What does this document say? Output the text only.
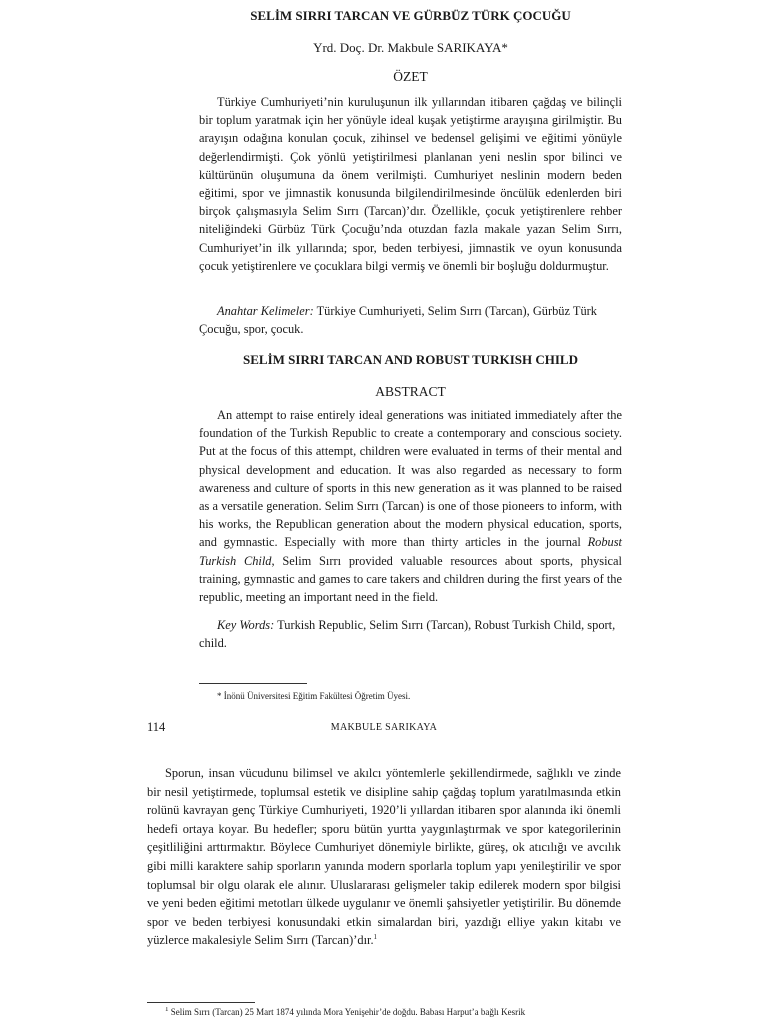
SELİM SIRRI TARCAN VE GÜRBÜZ TÜRK ÇOCUĞU
Yrd. Doç. Dr. Makbule SARIKAYA*
ÖZET

Türkiye Cumhuriyeti’nin kuruluşunun ilk yıllarından itibaren çağdaş ve bilinçli bir toplum yaratmak için her yönüyle ideal kuşak yetiştirme arayışına girilmiştir. Bu arayışın odağına konulan çocuk, zihinsel ve bedensel gelişimi ve eğitimi yönüyle değerlendirmişti. Çok yönlü yetiştirilmesi planlanan yeni neslin spor bilinci ve kültürünün oluşumuna da önem verilmişti. Cumhuriyet neslinin modern beden eğitimi, spor ve jimnastik konusunda bilgilendirilmesinde öncülük edenlerden biri birçok çalışmasıyla Selim Sırrı (Tarcan)’dır. Özellikle, çocuk yetiştirenlere rehber niteliğindeki Gürbüz Türk Çocuğu’nda otuzdan fazla makale yazan Selim Sırrı, Cumhuriyet’in ilk yıllarında; spor, beden terbiyesi, jimnastik ve oyun konusunda çocuk yetiştirenlere ve çocuklara bilgi vermiş ve önemli bir boşluğu doldurmuştur.

Anahtar Kelimeler: Türkiye Cumhuriyeti, Selim Sırrı (Tarcan), Gürbüz Türk Çocuğu, spor, çocuk.
SELİM SIRRI TARCAN AND ROBUST TURKISH CHILD
ABSTRACT

An attempt to raise entirely ideal generations was initiated immediately after the foundation of the Turkish Republic to create a contemporary and conscious society. Put at the focus of this attempt, children were evaluated in terms of their mental and physical development and education. It was also regarded as necessary to form awareness and culture of sports in this new generation as it was planned to be raised as a versatile generation. Selim Sırrı (Tarcan) is one of those pioneers to inform, with his works, the Republican generation about the modern physical education, sports, and gymnastic. Especially with more than thirty articles in the journal Robust Turkish Child, Selim Sırrı provided valuable resources about sports, physical training, gymnastic and games to care takers and children during the first years of the republic, meeting an important need in the field.

Key Words: Turkish Republic, Selim Sırrı (Tarcan), Robust Turkish Child, sport, child.
* İnönü Üniversitesi Eğitim Fakültesi Öğretim Üyesi.
114	MAKBULE SARIKAYA

Sporun, insan vücudunu bilimsel ve akılcı yöntemlerle şekillendirmede, sağlıklı ve zinde bir nesil yetiştirmede, toplumsal estetik ve disipline sahip çağdaş toplum yaratılmasında etkin rolünü kavrayan genç Türkiye Cumhuriyeti, 1920’li yıllardan itibaren spor alanında iki önemli hedefi ortaya koyar. Bu hedefler; sporu bütün yurtta yaygınlaştırmak ve spor kategorilerinin çeşitliliğini arttırmaktır. Böylece Cumhuriyet dönemiyle birlikte, güreş, ok atıcılığı ve avcılık gibi milli karaktere sahip sporların yanında modern sporlarla toplum yapı yenileştirilir ve spor toplumsal bir olgu olarak ele alınır. Uluslararası gelişmeler takip edilerek modern spor bilgisi ve yeni beden eğitimi metotları ülkede uygulanır ve önemli şahsiyetler yetiştirilir. Bu dönemde spor ve beden terbiyesi konusundaki etkin simalardan biri, yazdığı elliye yakın kitabı ve yüzlerce makalesiyle Selim Sırrı (Tarcan)’dır.$^1$

$^1$ Selim Sırrı (Tarcan) 25 Mart 1874 yılında Mora Yenişehir’de doğdu. Babası Harput’a bağlı Kesrik
